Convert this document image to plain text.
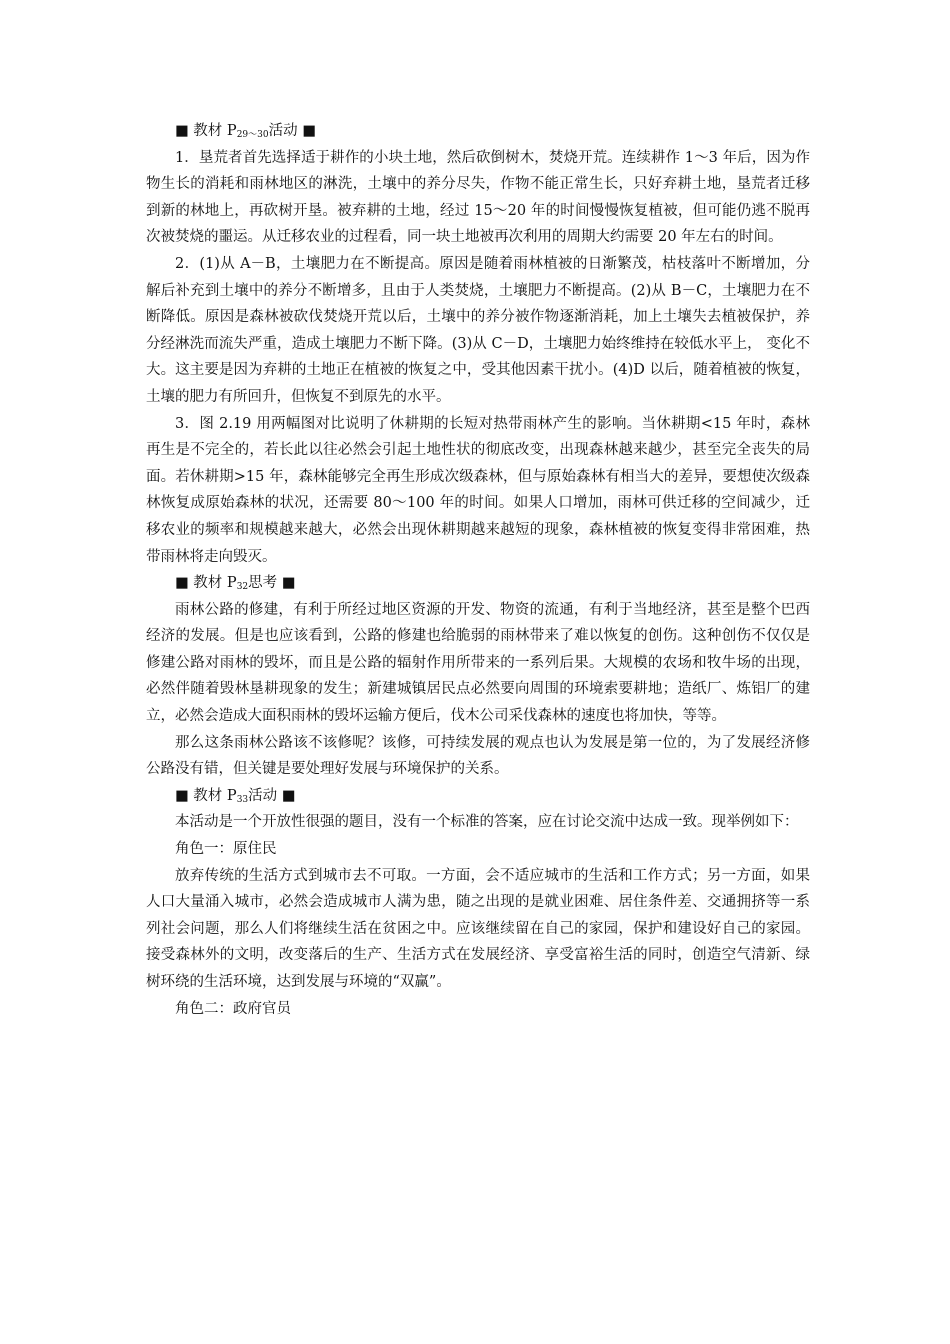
■ 教材 $P_{29\sim 30}$活动 ■

1．垦荒者首先选择适于耕作的小块土地，然后砍倒树木，焚烧开荒。连续耕作 1～3 年后，因为作物生长的消耗和雨林地区的淋洗，土壤中的养分尽失，作物不能正常生长，只好弃耕土地，垦荒者迁移到新的林地上，再砍树开垦。被弃耕的土地，经过 15～20 年的时间慢慢恢复植被，但可能仍逃不脱再次被焚烧的噩运。从迁移农业的过程看，同一块土地被再次利用的周期大约需要 20 年左右的时间。

2．(1)从 A－B，土壤肥力在不断提高。原因是随着雨林植被的日渐繁茂，枯枝落叶不断增加，分解后补充到土壤中的养分不断增多，且由于人类焚烧，土壤肥力不断提高。(2)从 B－C，土壤肥力在不断降低。原因是森林被砍伐焚烧开荒以后，土壤中的养分被作物逐渐消耗，加上土壤失去植被保护，养分经淋洗而流失严重，造成土壤肥力不断下降。(3)从 C－D，土壤肥力始终维持在较低水平上， 变化不大。这主要是因为弃耕的土地正在植被的恢复之中，受其他因素干扰小。(4)D 以后，随着植被的恢复，土壤的肥力有所回升，但恢复不到原先的水平。

3．图 2.19 用两幅图对比说明了休耕期的长短对热带雨林产生的影响。当休耕期<15 年时，森林再生是不完全的，若长此以往必然会引起土地性状的彻底改变，出现森林越来越少，甚至完全丧失的局面。若休耕期>15 年，森林能够完全再生形成次级森林，但与原始森林有相当大的差异，要想使次级森林恢复成原始森林的状况，还需要 80～100 年的时间。如果人口增加，雨林可供迁移的空间减少，迁移农业的频率和规模越来越大，必然会出现休耕期越来越短的现象，森林植被的恢复变得非常困难，热带雨林将走向毁灭。

■ 教材 $P_{32}$思考 ■

雨林公路的修建，有利于所经过地区资源的开发、物资的流通，有利于当地经济，甚至是整个巴西经济的发展。但是也应该看到，公路的修建也给脆弱的雨林带来了难以恢复的创伤。这种创伤不仅仅是修建公路对雨林的毁坏，而且是公路的辐射作用所带来的一系列后果。大规模的农场和牧牛场的出现，必然伴随着毁林垦耕现象的发生；新建城镇居民点必然要向周围的环境索要耕地；造纸厂、炼铝厂的建立，必然会造成大面积雨林的毁坏运输方便后，伐木公司采伐森林的速度也将加快，等等。

那么这条雨林公路该不该修呢？该修，可持续发展的观点也认为发展是第一位的，为了发展经济修公路没有错，但关键是要处理好发展与环境保护的关系。

■ 教材 $P_{33}$活动 ■

本活动是一个开放性很强的题目，没有一个标准的答案，应在讨论交流中达成一致。现举例如下：

角色一：原住民

放弃传统的生活方式到城市去不可取。一方面，会不适应城市的生活和工作方式；另一方面，如果人口大量涌入城市，必然会造成城市人满为患，随之出现的是就业困难、居住条件差、交通拥挤等一系列社会问题，那么人们将继续生活在贫困之中。应该继续留在自己的家园，保护和建设好自己的家园。接受森林外的文明，改变落后的生产、生活方式在发展经济、享受富裕生活的同时，创造空气清新、绿树环绕的生活环境，达到发展与环境的“双赢”。

角色二：政府官员
